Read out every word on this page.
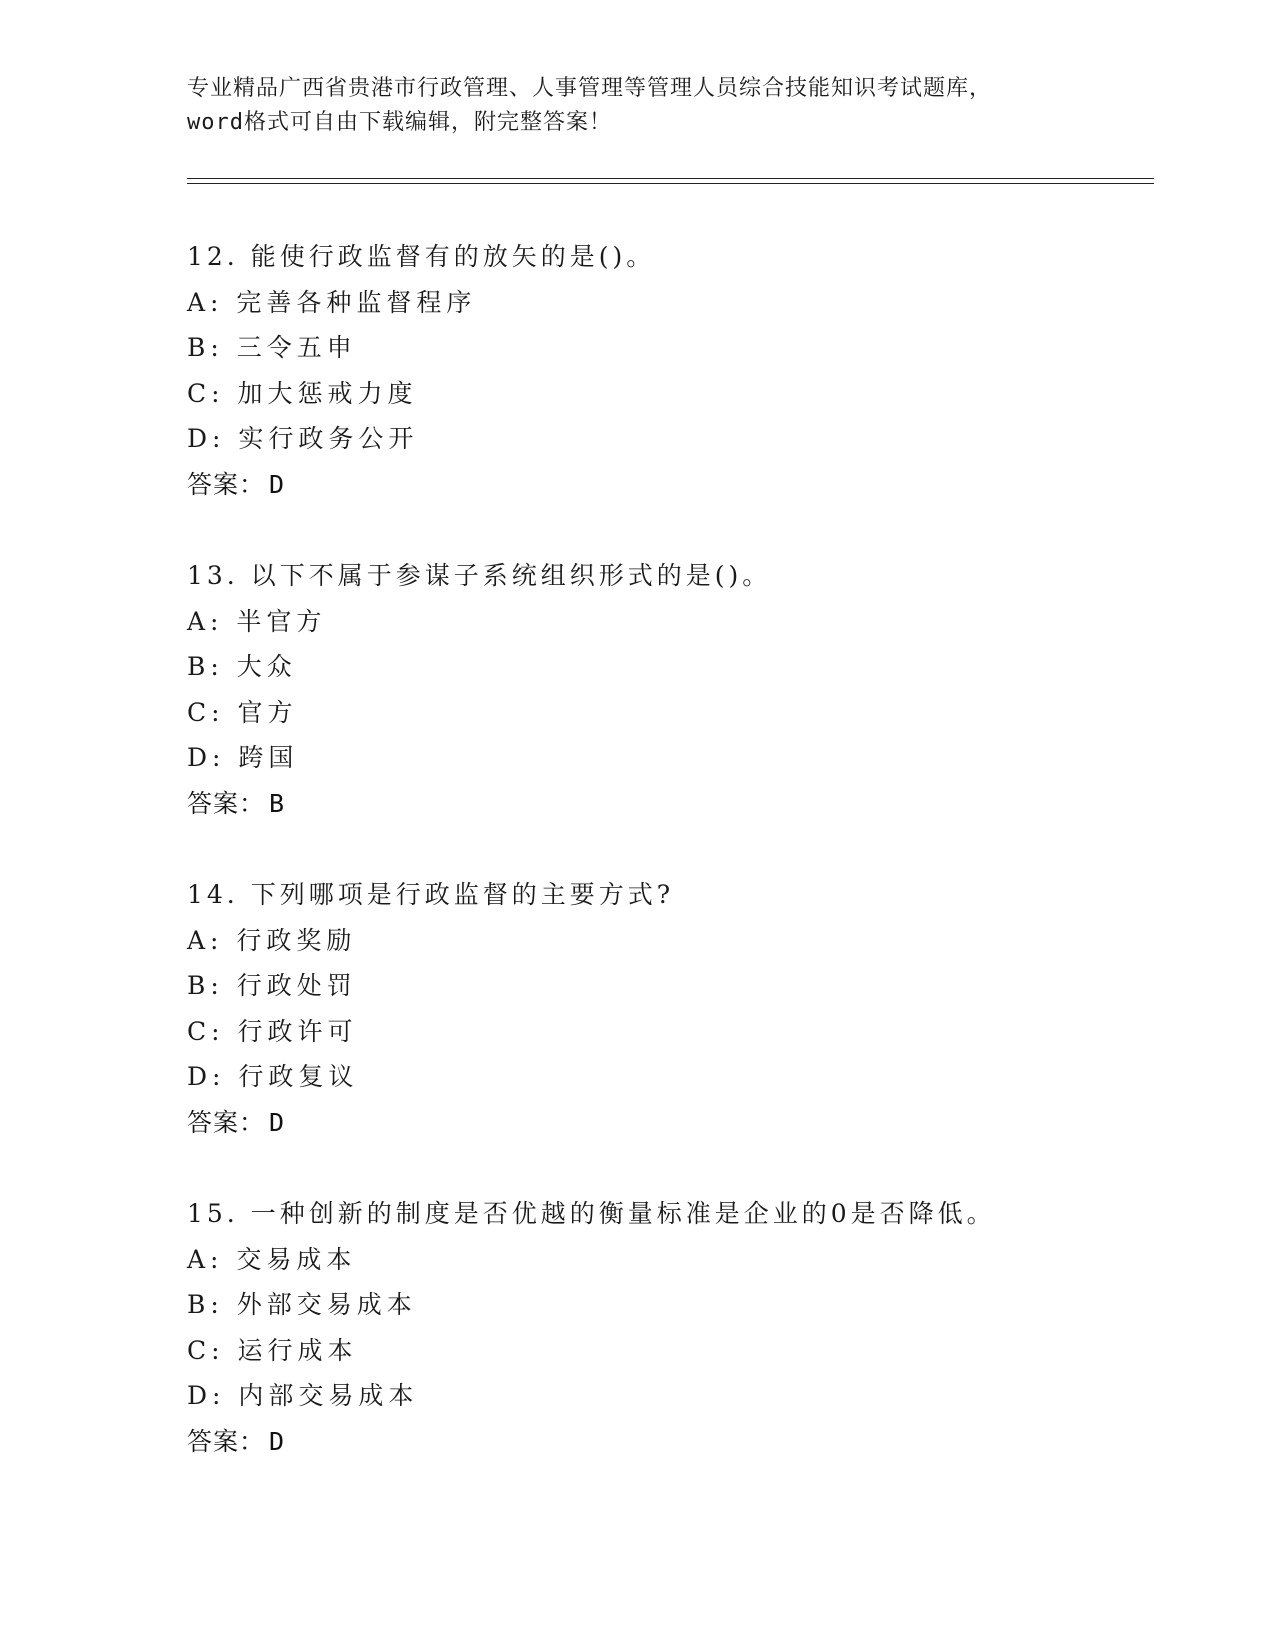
专业精品广西省贵港市行政管理、人事管理等管理人员综合技能知识考试题库，
word格式可自由下载编辑，附完整答案！
12. 能使行政监督有的放矢的是()。
A: 完善各种监督程序
B: 三令五申
C: 加大惩戒力度
D: 实行政务公开
答案： D
13. 以下不属于参谋子系统组织形式的是()。
A: 半官方
B: 大众
C: 官方
D: 跨国
答案： B
14. 下列哪项是行政监督的主要方式?
A: 行政奖励
B: 行政处罚
C: 行政许可
D: 行政复议
答案： D
15. 一种创新的制度是否优越的衡量标准是企业的0是否降低。
A: 交易成本
B: 外部交易成本
C: 运行成本
D: 内部交易成本
答案： D
